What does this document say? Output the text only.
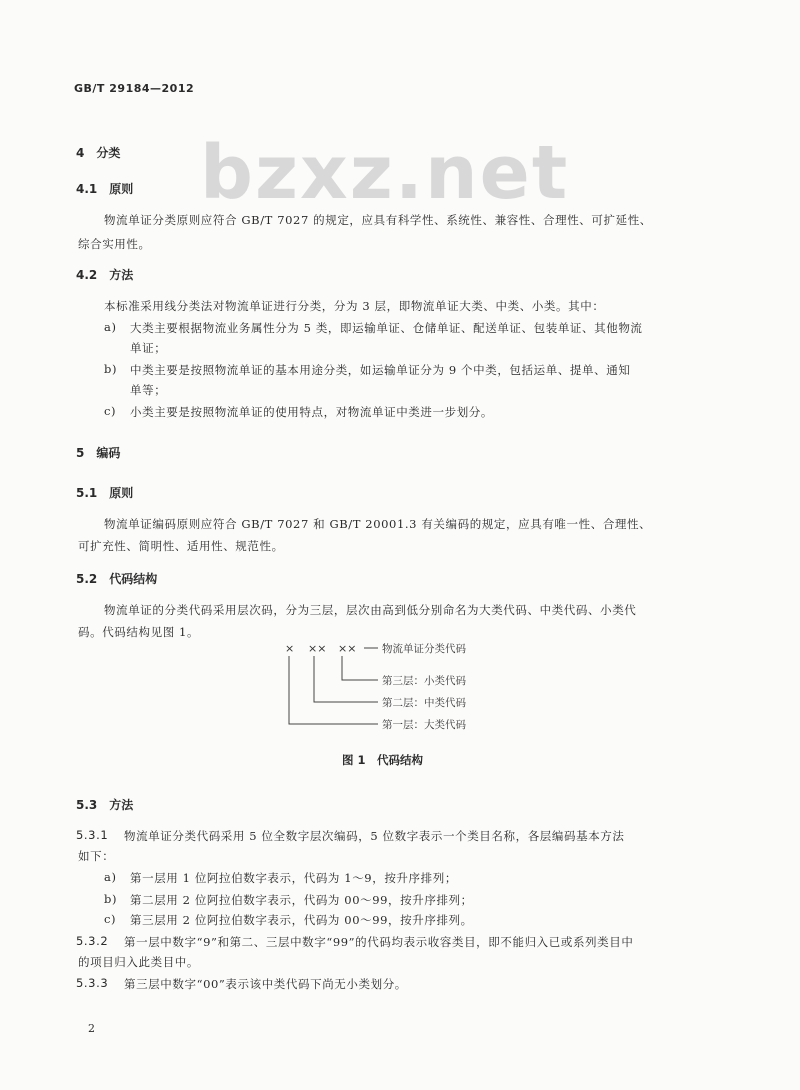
GB/T 29184—2012
bzxz.net
4　分类
4.1　原则
物流单证分类原则应符合 GB/T 7027 的规定，应具有科学性、系统性、兼容性、合理性、可扩延性、
综合实用性。
4.2　方法
本标准采用线分类法对物流单证进行分类，分为 3 层，即物流单证大类、中类、小类。其中：
a) 大类主要根据物流业务属性分为 5 类，即运输单证、仓储单证、配送单证、包装单证、其他物流
单证；
b) 中类主要是按照物流单证的基本用途分类，如运输单证分为 9 个中类，包括运单、提单、通知
单等；
c) 小类主要是按照物流单证的使用特点，对物流单证中类进一步划分。
5　编码
5.1　原则
物流单证编码原则应符合 GB/T 7027 和 GB/T 20001.3 有关编码的规定，应具有唯一性、合理性、
可扩充性、简明性、适用性、规范性。
5.2　代码结构
物流单证的分类代码采用层次码，分为三层，层次由高到低分别命名为大类代码、中类代码、小类代
码。代码结构见图 1。
× ×× ×× 物流单证分类代码
第三层：小类代码
第二层：中类代码
第一层：大类代码
图 1　代码结构
5.3　方法
5.3.1 物流单证分类代码采用 5 位全数字层次编码，5 位数字表示一个类目名称，各层编码基本方法
如下：
a) 第一层用 1 位阿拉伯数字表示，代码为 1～9，按升序排列；
b) 第二层用 2 位阿拉伯数字表示，代码为 00～99，按升序排列；
c) 第三层用 2 位阿拉伯数字表示，代码为 00～99，按升序排列。
5.3.2 第一层中数字“9”和第二、三层中数字“99”的代码均表示收容类目，即不能归入已或系列类目中
的项目归入此类目中。
5.3.3 第三层中数字“00”表示该中类代码下尚无小类划分。
2
